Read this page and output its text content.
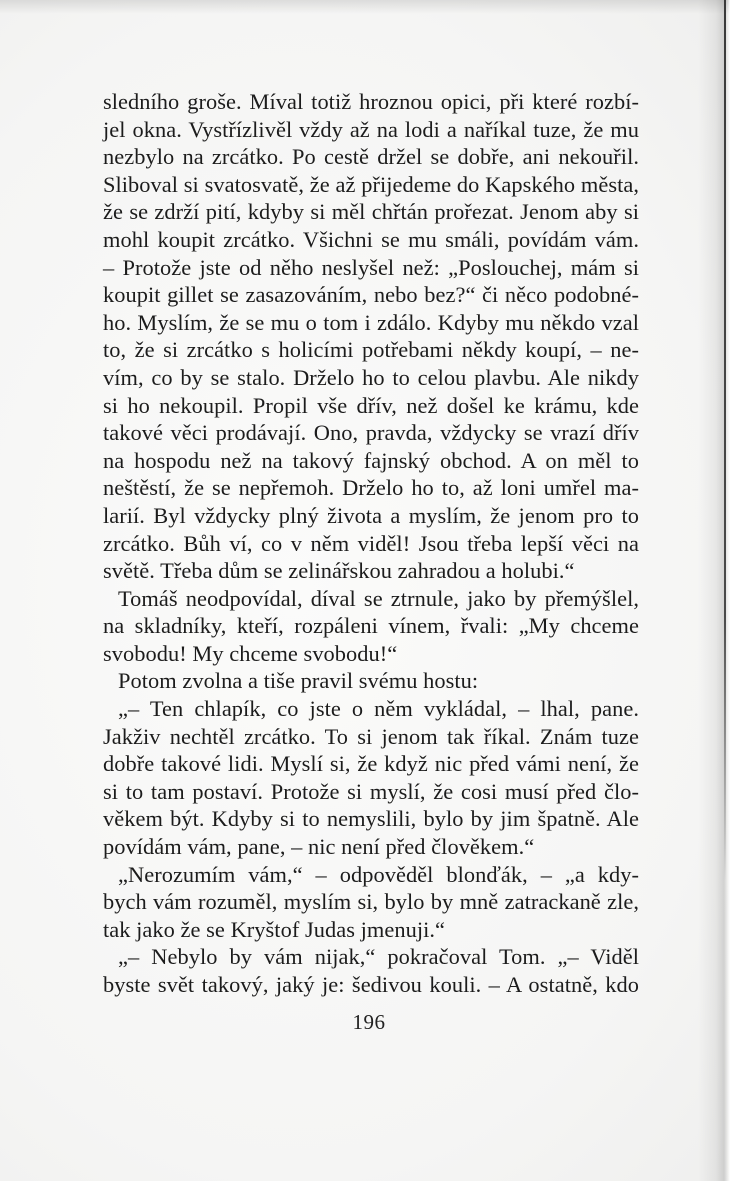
sledního groše. Míval totiž hroznou opici, při které rozbí-
jel okna. Vystřízlivěl vždy až na lodi a naříkal tuze, že mu
nezbylo na zrcátko. Po cestě držel se dobře, ani nekouřil.
Sliboval si svatosvatě, že až přijedeme do Kapského města,
že se zdrží pití, kdyby si měl chřtán prořezat. Jenom aby si
mohl koupit zrcátko. Všichni se mu smáli, povídám vám.
– Protože jste od něho neslyšel než: „Poslouchej, mám si
koupit gillet se zasazováním, nebo bez?“ či něco podobné-
ho. Myslím, že se mu o tom i zdálo. Kdyby mu někdo vzal
to, že si zrcátko s holicími potřebami někdy koupí, – ne-
vím, co by se stalo. Drželo ho to celou plavbu. Ale nikdy
si ho nekoupil. Propil vše dřív, než došel ke krámu, kde
takové věci prodávají. Ono, pravda, vždycky se vrazí dřív
na hospodu než na takový fajnský obchod. A on měl to
neštěstí, že se nepřemoh. Drželo ho to, až loni umřel ma-
larií. Byl vždycky plný života a myslím, že jenom pro to
zrcátko. Bůh ví, co v něm viděl! Jsou třeba lepší věci na
světě. Třeba dům se zelinářskou zahradou a holubi.“
Tomáš neodpovídal, díval se ztrnule, jako by přemýšlel,
na skladníky, kteří, rozpáleni vínem, řvali: „My chceme
svobodu! My chceme svobodu!“
Potom zvolna a tiše pravil svému hostu:
„– Ten chlapík, co jste o něm vykládal, – lhal, pane.
Jakživ nechtěl zrcátko. To si jenom tak říkal. Znám tuze
dobře takové lidi. Myslí si, že když nic před vámi není, že
si to tam postaví. Protože si myslí, že cosi musí před člo-
věkem být. Kdyby si to nemyslili, bylo by jim špatně. Ale
povídám vám, pane, – nic není před člověkem.“
„Nerozumím vám,“ – odpověděl blonďák, – „a kdy-
bych vám rozuměl, myslím si, bylo by mně zatrackaně zle,
tak jako že se Kryštof Judas jmenuji.“
„– Nebylo by vám nijak,“ pokračoval Tom. „– Viděl
byste svět takový, jaký je: šedivou kouli. – A ostatně, kdo
196
